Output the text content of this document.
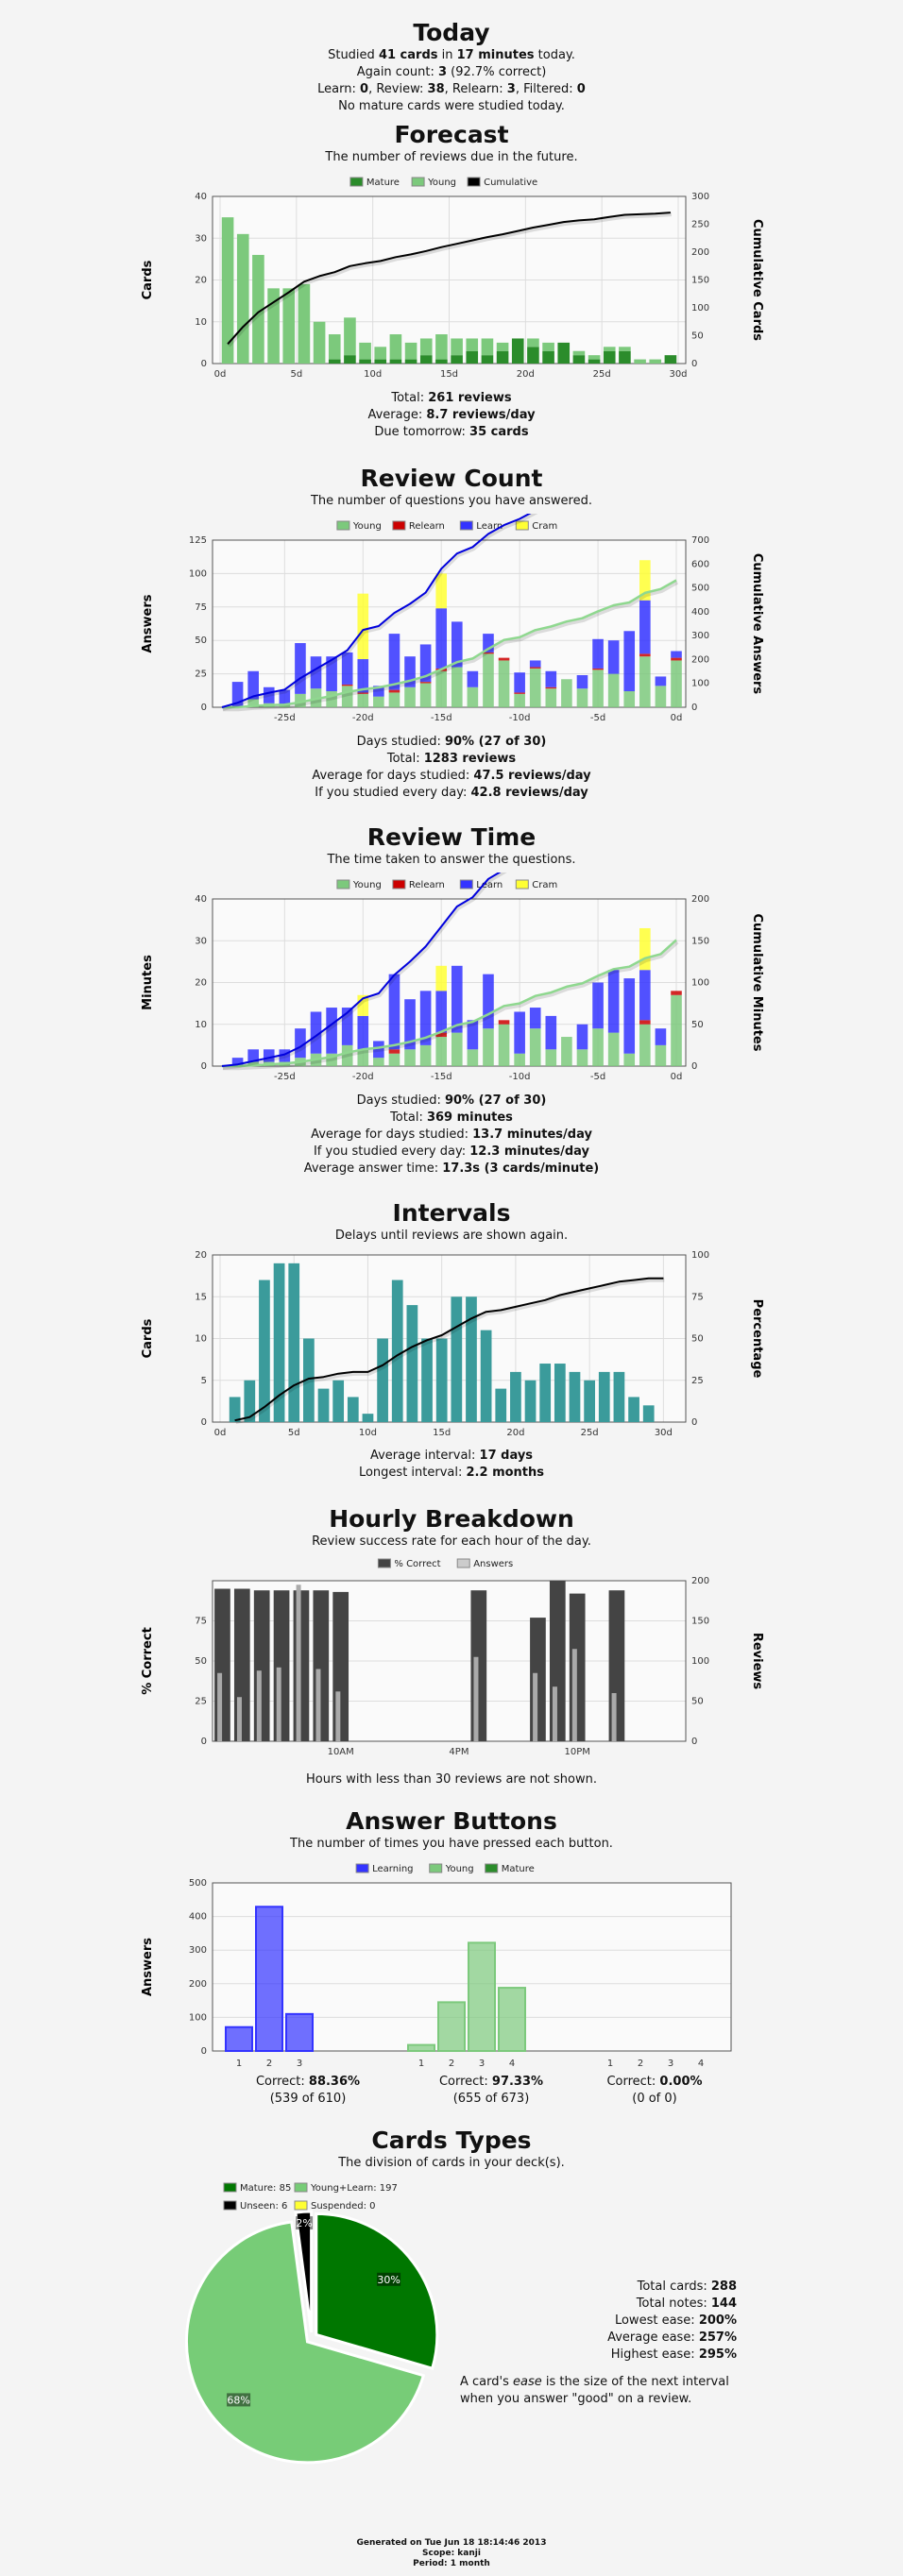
Today

Studied 41 cards in 17 minutes today.

Again count: 3 (92.7% correct)

Learn: 0, Review: 38, Relearn: 3, Filtered: 0

No mature cards were studied today.

Forecast

The number of reviews due in the future.

0
10
20
30
40
0
50
100
150
200
250
300
0d	5d	10d	15d	20d	25d	30d
Cards	Cumulative Cards
Mature	Young	Cumulative

Total: 261 reviews

Average: 8.7 reviews/day

Due tomorrow: 35 cards

Review Count

The number of questions you have answered.

0
25
50
75
100
125
0
100
200
300
400
500
600
700
-25d	-20d	-15d	-10d	-5d	0d
Answers	Cumulative Answers
Young	Relearn	Learn	Cram

Days studied: 90% (27 of 30)

Total: 1283 reviews

Average for days studied: 47.5 reviews/day

If you studied every day: 42.8 reviews/day

Review Time

The time taken to answer the questions.

0
10
20
30
40
0
50
100
150
200
-25d	-20d	-15d	-10d	-5d	0d
Minutes	Cumulative Minutes
Young	Relearn	Learn	Cram

Days studied: 90% (27 of 30)

Total: 369 minutes

Average for days studied: 13.7 minutes/day

If you studied every day: 12.3 minutes/day

Average answer time: 17.3s (3 cards/minute)

Intervals

Delays until reviews are shown again.

0
5
10
15
20
0
25
50
75
100
0d	5d	10d	15d	20d	25d	30d
Cards	Percentage

Average interval: 17 days

Longest interval: 2.2 months

Hourly Breakdown

Review success rate for each hour of the day.

0
25
50
75
0
50
100
150
200
10AM	4PM	10PM
% Correct	Reviews
% Correct	Answers

Hours with less than 30 reviews are not shown.

Answer Buttons

The number of times you have pressed each button.

0
100
200
300
400
500
Answers
Learning	Young	Mature
1	2	3	1	2	3	4	1	2	3	4

Correct: 88.36%

(539 of 610)

Correct: 97.33%

(655 of 673)

Correct: 0.00%

(0 of 0)

Cards Types

The division of cards in your deck(s).

Mature: 85 Young+Learn: 197
Unseen: 6 Suspended: 0
30%
68%
2%

Total cards: 288

Total notes: 144

Lowest ease: 200%

Average ease: 257%

Highest ease: 295%

A card's ease is the size of the next interval

when you answer "good" on a review.

Generated on Tue Jun 18 18:14:46 2013
Scope: kanji
Period: 1 month
